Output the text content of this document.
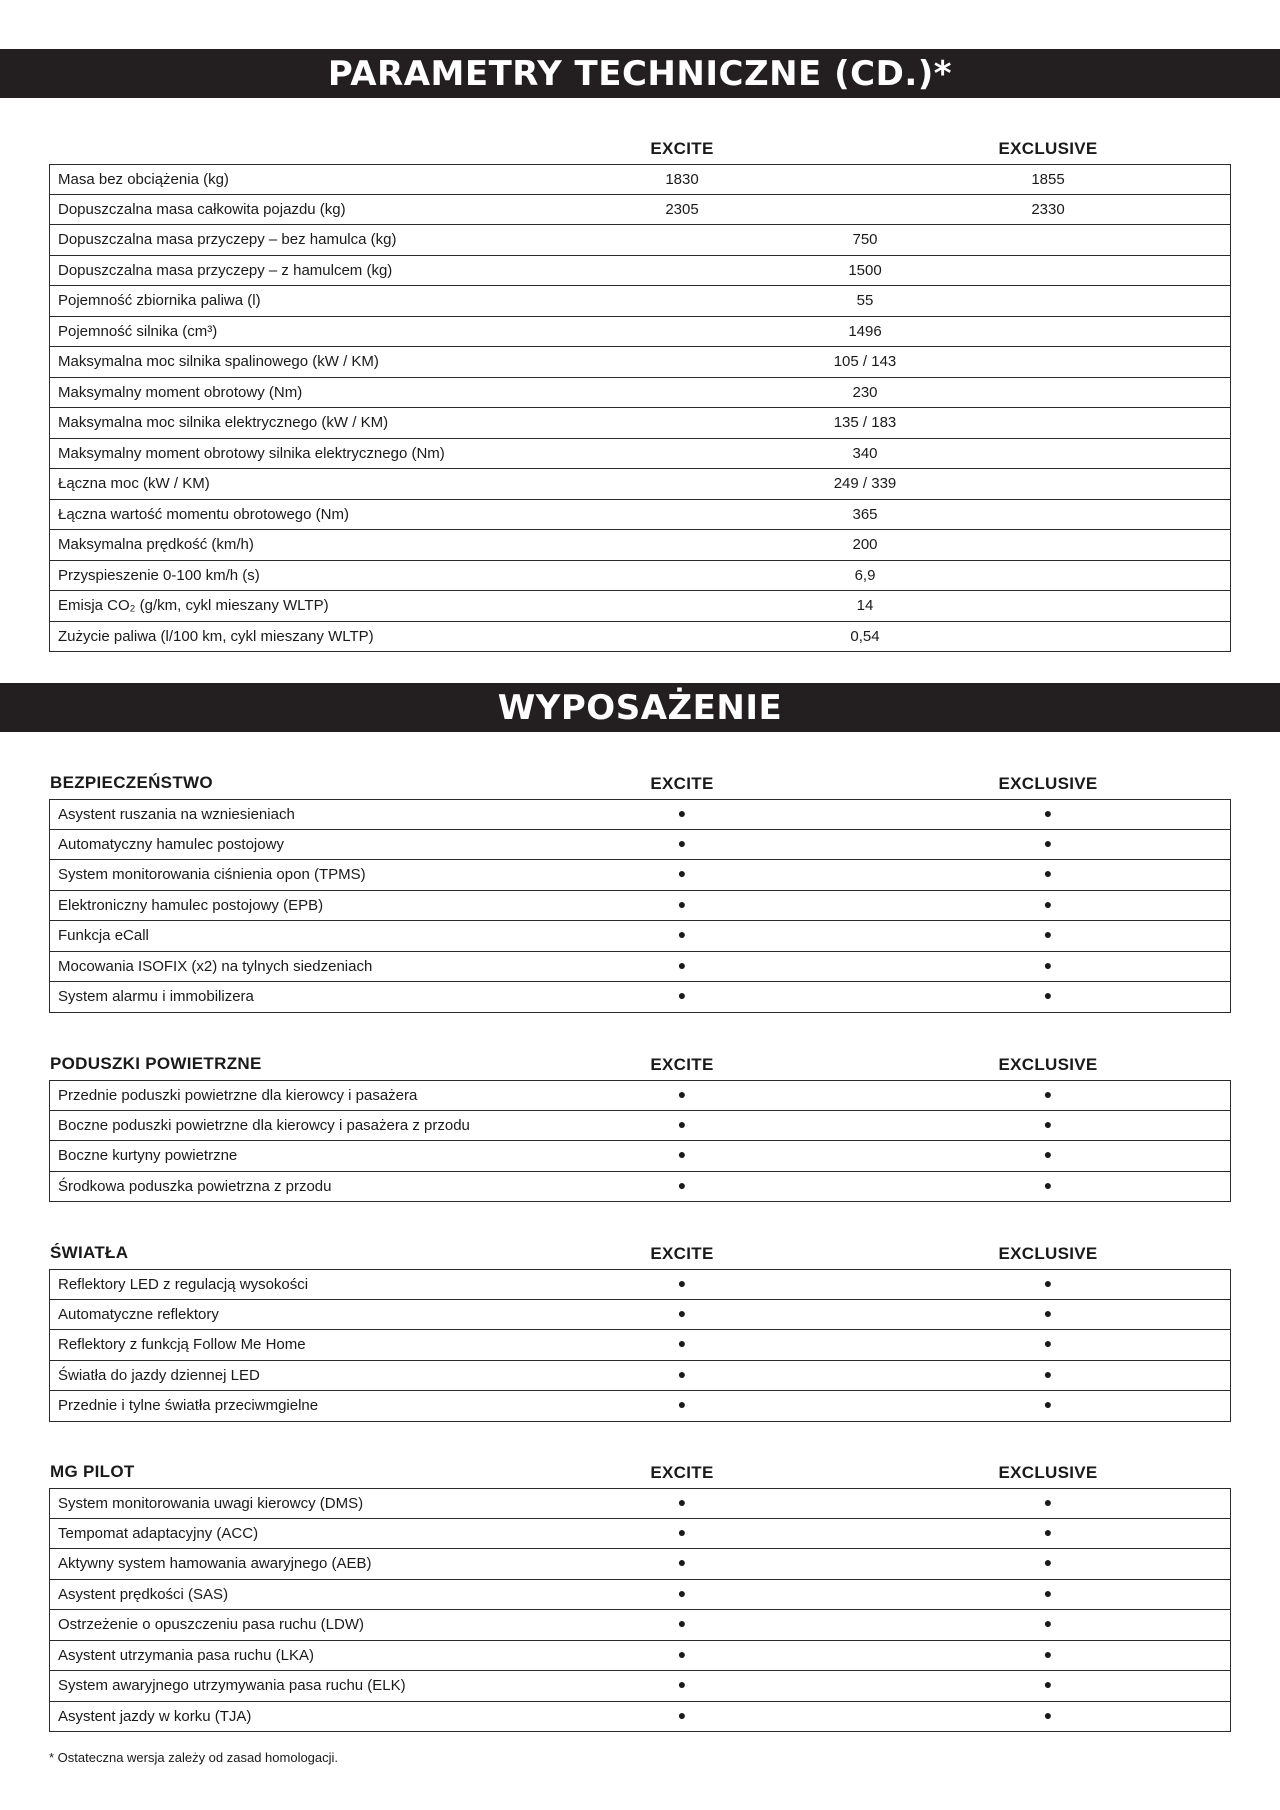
PARAMETRY TECHNICZNE (CD.)*
EXCITE	EXCLUSIVE
Masa bez obciążenia (kg)	1830	1855
Dopuszczalna masa całkowita pojazdu (kg)	2305	2330
Dopuszczalna masa przyczepy – bez hamulca (kg)	750
Dopuszczalna masa przyczepy – z hamulcem (kg)	1500
Pojemność zbiornika paliwa (l)	55
Pojemność silnika (cm³)	1496
Maksymalna moc silnika spalinowego (kW / KM)	105 / 143
Maksymalny moment obrotowy (Nm)	230
Maksymalna moc silnika elektrycznego (kW / KM)	135 / 183
Maksymalny moment obrotowy silnika elektrycznego (Nm)	340
Łączna moc (kW / KM)	249 / 339
Łączna wartość momentu obrotowego (Nm)	365
Maksymalna prędkość (km/h)	200
Przyspieszenie 0-100 km/h (s)	6,9
Emisja CO₂ (g/km, cykl mieszany WLTP)	14
Zużycie paliwa (l/100 km, cykl mieszany WLTP)	0,54
WYPOSAŻENIE
BEZPIECZEŃSTWO	EXCITE	EXCLUSIVE
Asystent ruszania na wzniesieniach	●	●
Automatyczny hamulec postojowy	●	●
System monitorowania ciśnienia opon (TPMS)	●	●
Elektroniczny hamulec postojowy (EPB)	●	●
Funkcja eCall	●	●
Mocowania ISOFIX (x2) na tylnych siedzeniach	●	●
System alarmu i immobilizera	●	●
PODUSZKI POWIETRZNE	EXCITE	EXCLUSIVE
Przednie poduszki powietrzne dla kierowcy i pasażera	●	●
Boczne poduszki powietrzne dla kierowcy i pasażera z przodu	●	●
Boczne kurtyny powietrzne	●	●
Środkowa poduszka powietrzna z przodu	●	●
ŚWIATŁA	EXCITE	EXCLUSIVE
Reflektory LED z regulacją wysokości	●	●
Automatyczne reflektory	●	●
Reflektory z funkcją Follow Me Home	●	●
Światła do jazdy dziennej LED	●	●
Przednie i tylne światła przeciwmgielne	●	●
MG PILOT	EXCITE	EXCLUSIVE
System monitorowania uwagi kierowcy (DMS)	●	●
Tempomat adaptacyjny (ACC)	●	●
Aktywny system hamowania awaryjnego (AEB)	●	●
Asystent prędkości (SAS)	●	●
Ostrzeżenie o opuszczeniu pasa ruchu (LDW)	●	●
Asystent utrzymania pasa ruchu (LKA)	●	●
System awaryjnego utrzymywania pasa ruchu (ELK)	●	●
Asystent jazdy w korku (TJA)	●	●
* Ostateczna wersja zależy od zasad homologacji.
